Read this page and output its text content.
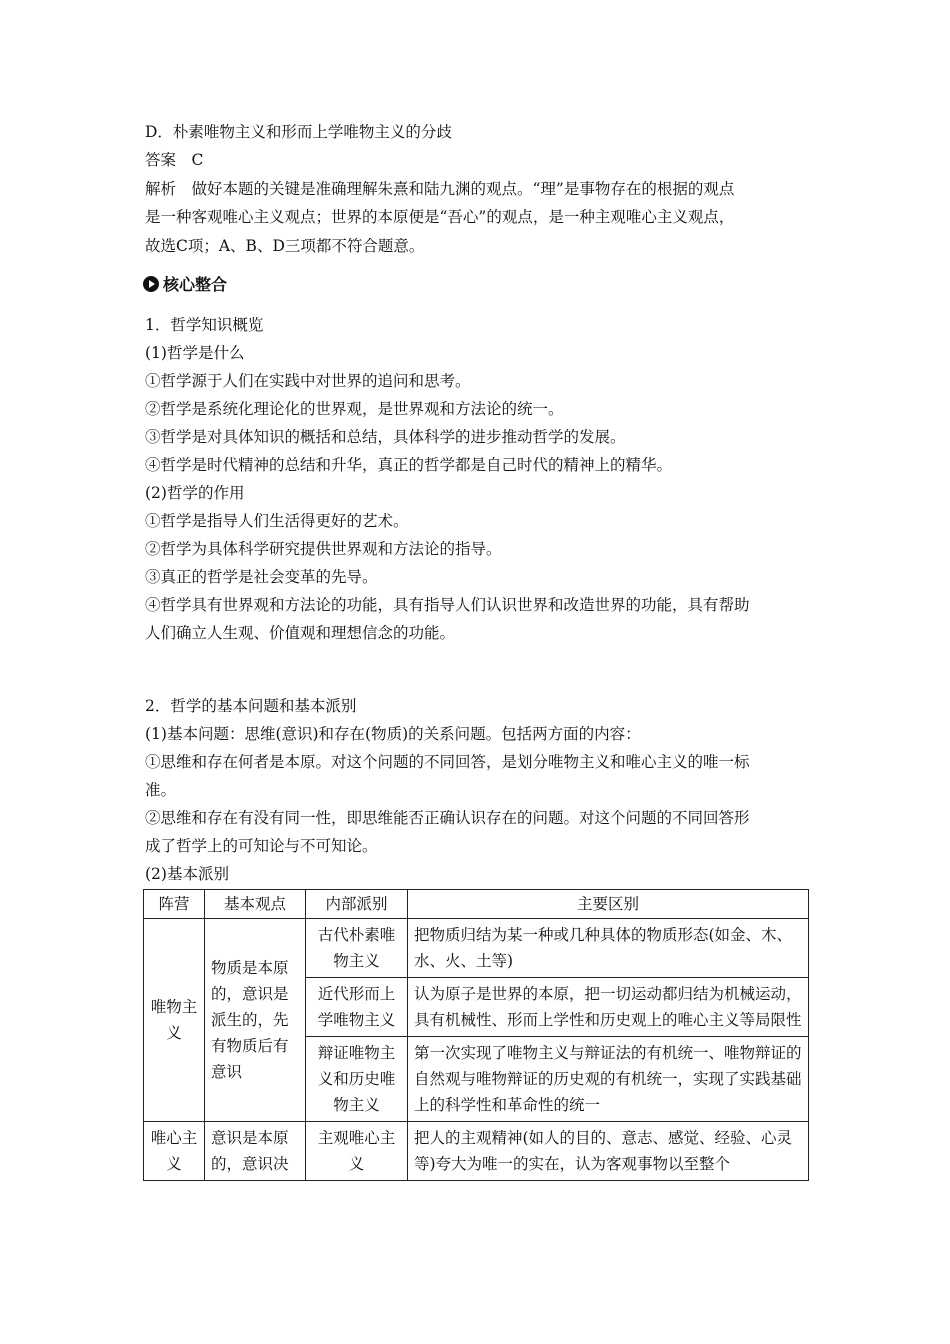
D．朴素唯物主义和形而上学唯物主义的分歧
答案　C
解析　做好本题的关键是准确理解朱熹和陆九渊的观点。“理”是事物存在的根据的观点
是一种客观唯心主义观点；世界的本原便是“吾心”的观点，是一种主观唯心主义观点，
故选C项；A、B、D三项都不符合题意。
核心整合
1．哲学知识概览
(1)哲学是什么
①哲学源于人们在实践中对世界的追问和思考。
②哲学是系统化理论化的世界观，是世界观和方法论的统一。
③哲学是对具体知识的概括和总结，具体科学的进步推动哲学的发展。
④哲学是时代精神的总结和升华，真正的哲学都是自己时代的精神上的精华。
(2)哲学的作用
①哲学是指导人们生活得更好的艺术。
②哲学为具体科学研究提供世界观和方法论的指导。
③真正的哲学是社会变革的先导。
④哲学具有世界观和方法论的功能，具有指导人们认识世界和改造世界的功能，具有帮助
人们确立人生观、价值观和理想信念的功能。
2．哲学的基本问题和基本派别
(1)基本问题：思维(意识)和存在(物质)的关系问题。包括两方面的内容：
①思维和存在何者是本原。对这个问题的不同回答，是划分唯物主义和唯心主义的唯一标
准。
②思维和存在有没有同一性，即思维能否正确认识存在的问题。对这个问题的不同回答形
成了哲学上的可知论与不可知论。
(2)基本派别
阵营	基本观点	内部派别	主要区别
唯物主义	物质是本原的，意识是派生的，先有物质后有意识	古代朴素唯物主义	把物质归结为某一种或几种具体的物质形态(如金、木、水、火、土等)
		近代形而上学唯物主义	认为原子是世界的本原，把一切运动都归结为机械运动，具有机械性、形而上学性和历史观上的唯心主义等局限性
		辩证唯物主义和历史唯物主义	第一次实现了唯物主义与辩证法的有机统一、唯物辩证的自然观与唯物辩证的历史观的有机统一，实现了实践基础上的科学性和革命性的统一
唯心主义	意识是本原的，意识决	主观唯心主义	把人的主观精神(如人的目的、意志、感觉、经验、心灵等)夸大为唯一的实在，认为客观事物以至整个
